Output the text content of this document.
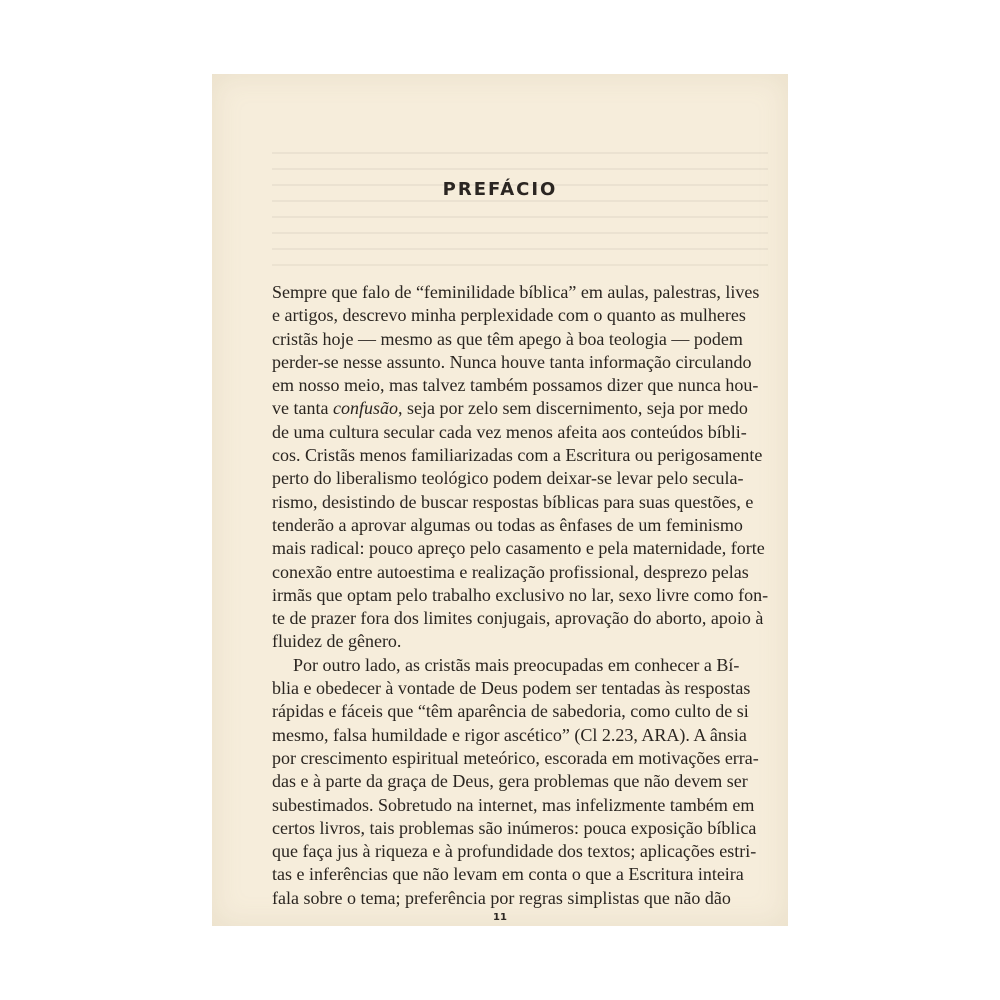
PREFÁCIO
Sempre que falo de “feminilidade bíblica” em aulas, palestras, lives
e artigos, descrevo minha perplexidade com o quanto as mulheres
cristãs hoje — mesmo as que têm apego à boa teologia — podem
perder-se nesse assunto. Nunca houve tanta informação circulando
em nosso meio, mas talvez também possamos dizer que nunca hou-
ve tanta confusão, seja por zelo sem discernimento, seja por medo
de uma cultura secular cada vez menos afeita aos conteúdos bíbli-
cos. Cristãs menos familiarizadas com a Escritura ou perigosamente
perto do liberalismo teológico podem deixar-se levar pelo secula-
rismo, desistindo de buscar respostas bíblicas para suas questões, e
tenderão a aprovar algumas ou todas as ênfases de um feminismo
mais radical: pouco apreço pelo casamento e pela maternidade, forte
conexão entre autoestima e realização profissional, desprezo pelas
irmãs que optam pelo trabalho exclusivo no lar, sexo livre como fon-
te de prazer fora dos limites conjugais, aprovação do aborto, apoio à
fluidez de gênero.
Por outro lado, as cristãs mais preocupadas em conhecer a Bí-
blia e obedecer à vontade de Deus podem ser tentadas às respostas
rápidas e fáceis que “têm aparência de sabedoria, como culto de si
mesmo, falsa humildade e rigor ascético” (Cl 2.23, ARA). A ânsia
por crescimento espiritual meteórico, escorada em motivações erra-
das e à parte da graça de Deus, gera problemas que não devem ser
subestimados. Sobretudo na internet, mas infelizmente também em
certos livros, tais problemas são inúmeros: pouca exposição bíblica
que faça jus à riqueza e à profundidade dos textos; aplicações estri-
tas e inferências que não levam em conta o que a Escritura inteira
fala sobre o tema; preferência por regras simplistas que não dão
11
